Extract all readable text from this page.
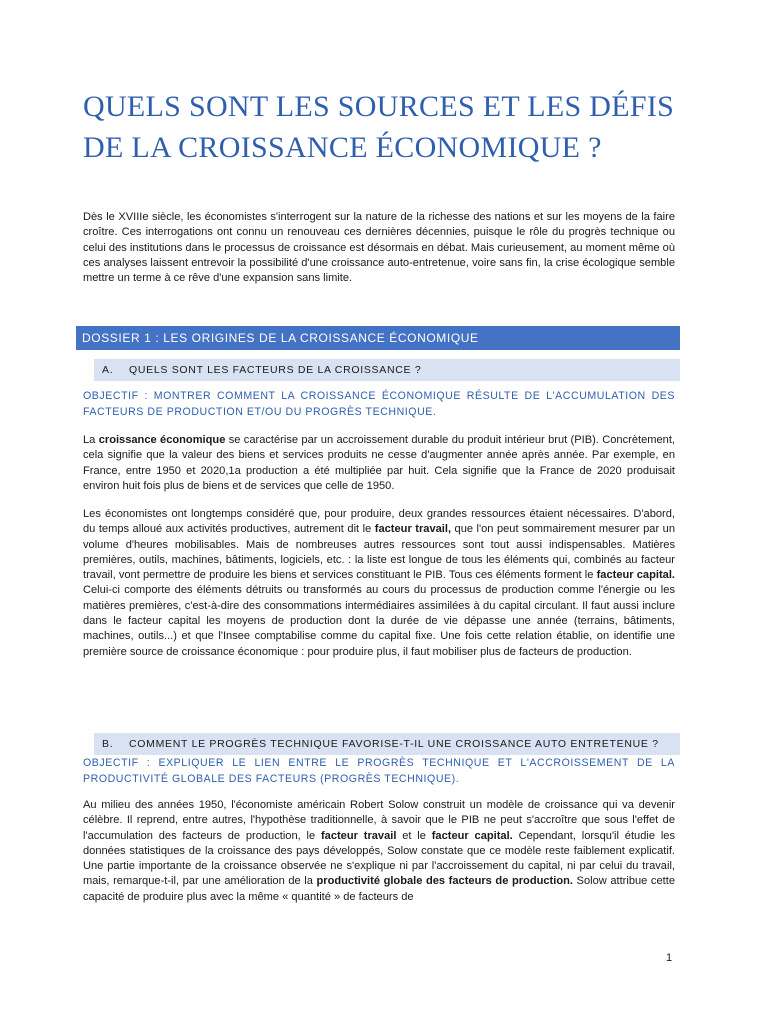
QUELS SONT LES SOURCES ET LES DÉFIS DE LA CROISSANCE ÉCONOMIQUE ?
Dès le XVIIIe siècle, les économistes s'interrogent sur la nature de la richesse des nations et sur les moyens de la faire croître. Ces interrogations ont connu un renouveau ces dernières décennies, puisque le rôle du progrès technique ou celui des institutions dans le processus de croissance est désormais en débat. Mais curieusement, au moment même où ces analyses laissent entrevoir la possibilité d'une croissance auto-entretenue, voire sans fin, la crise écologique semble mettre un terme à ce rêve d'une expansion sans limite.
DOSSIER 1 : LES ORIGINES DE LA CROISSANCE ÉCONOMIQUE
A. QUELS SONT LES FACTEURS DE LA CROISSANCE ?
OBJECTIF : MONTRER COMMENT LA CROISSANCE ÉCONOMIQUE RÉSULTE DE L'ACCUMULATION DES FACTEURS DE PRODUCTION ET/OU DU PROGRÈS TECHNIQUE.
La croissance économique se caractérise par un accroissement durable du produit intérieur brut (PIB). Concrètement, cela signifie que la valeur des biens et services produits ne cesse d'augmenter année après année. Par exemple, en France, entre 1950 et 2020,1a production a été multipliée par huit. Cela signifie que la France de 2020 produisait environ huit fois plus de biens et de services que celle de 1950.
Les économistes ont longtemps considéré que, pour produire, deux grandes ressources étaient nécessaires. D'abord, du temps alloué aux activités productives, autrement dit le facteur travail, que l'on peut sommairement mesurer par un volume d'heures mobilisables. Mais de nombreuses autres ressources sont tout aussi indispensables. Matières premières, outils, machines, bâtiments, logiciels, etc. : la liste est longue de tous les éléments qui, combinés au facteur travail, vont permettre de produire les biens et services constituant le PIB. Tous ces éléments forment le facteur capital. Celui-ci comporte des éléments détruits ou transformés au cours du processus de production comme l'énergie ou les matières premières, c'est-à-dire des consommations intermédiaires assimilées à du capital circulant. Il faut aussi inclure dans le facteur capital les moyens de production dont la durée de vie dépasse une année (terrains, bâtiments, machines, outils...) et que l'Insee comptabilise comme du capital fixe. Une fois cette relation établie, on identifie une première source de croissance économique : pour produire plus, il faut mobiliser plus de facteurs de production.
B. COMMENT LE PROGRÈS TECHNIQUE FAVORISE-T-IL UNE CROISSANCE AUTO ENTRETENUE ?
OBJECTIF : EXPLIQUER LE LIEN ENTRE LE PROGRÈS TECHNIQUE ET L'ACCROISSEMENT DE LA PRODUCTIVITÉ GLOBALE DES FACTEURS (PROGRÈS TECHNIQUE).
Au milieu des années 1950, l'économiste américain Robert Solow construit un modèle de croissance qui va devenir célèbre. Il reprend, entre autres, l'hypothèse traditionnelle, à savoir que le PIB ne peut s'accroître que sous l'effet de l'accumulation des facteurs de production, le facteur travail et le facteur capital. Cependant, lorsqu'il étudie les données statistiques de la croissance des pays développés, Solow constate que ce modèle reste faiblement explicatif. Une partie importante de la croissance observée ne s'explique ni par l'accroissement du capital, ni par celui du travail, mais, remarque-t-il, par une amélioration de la productivité globale des facteurs de production. Solow attribue cette capacité de produire plus avec la même « quantité » de facteurs de
1
